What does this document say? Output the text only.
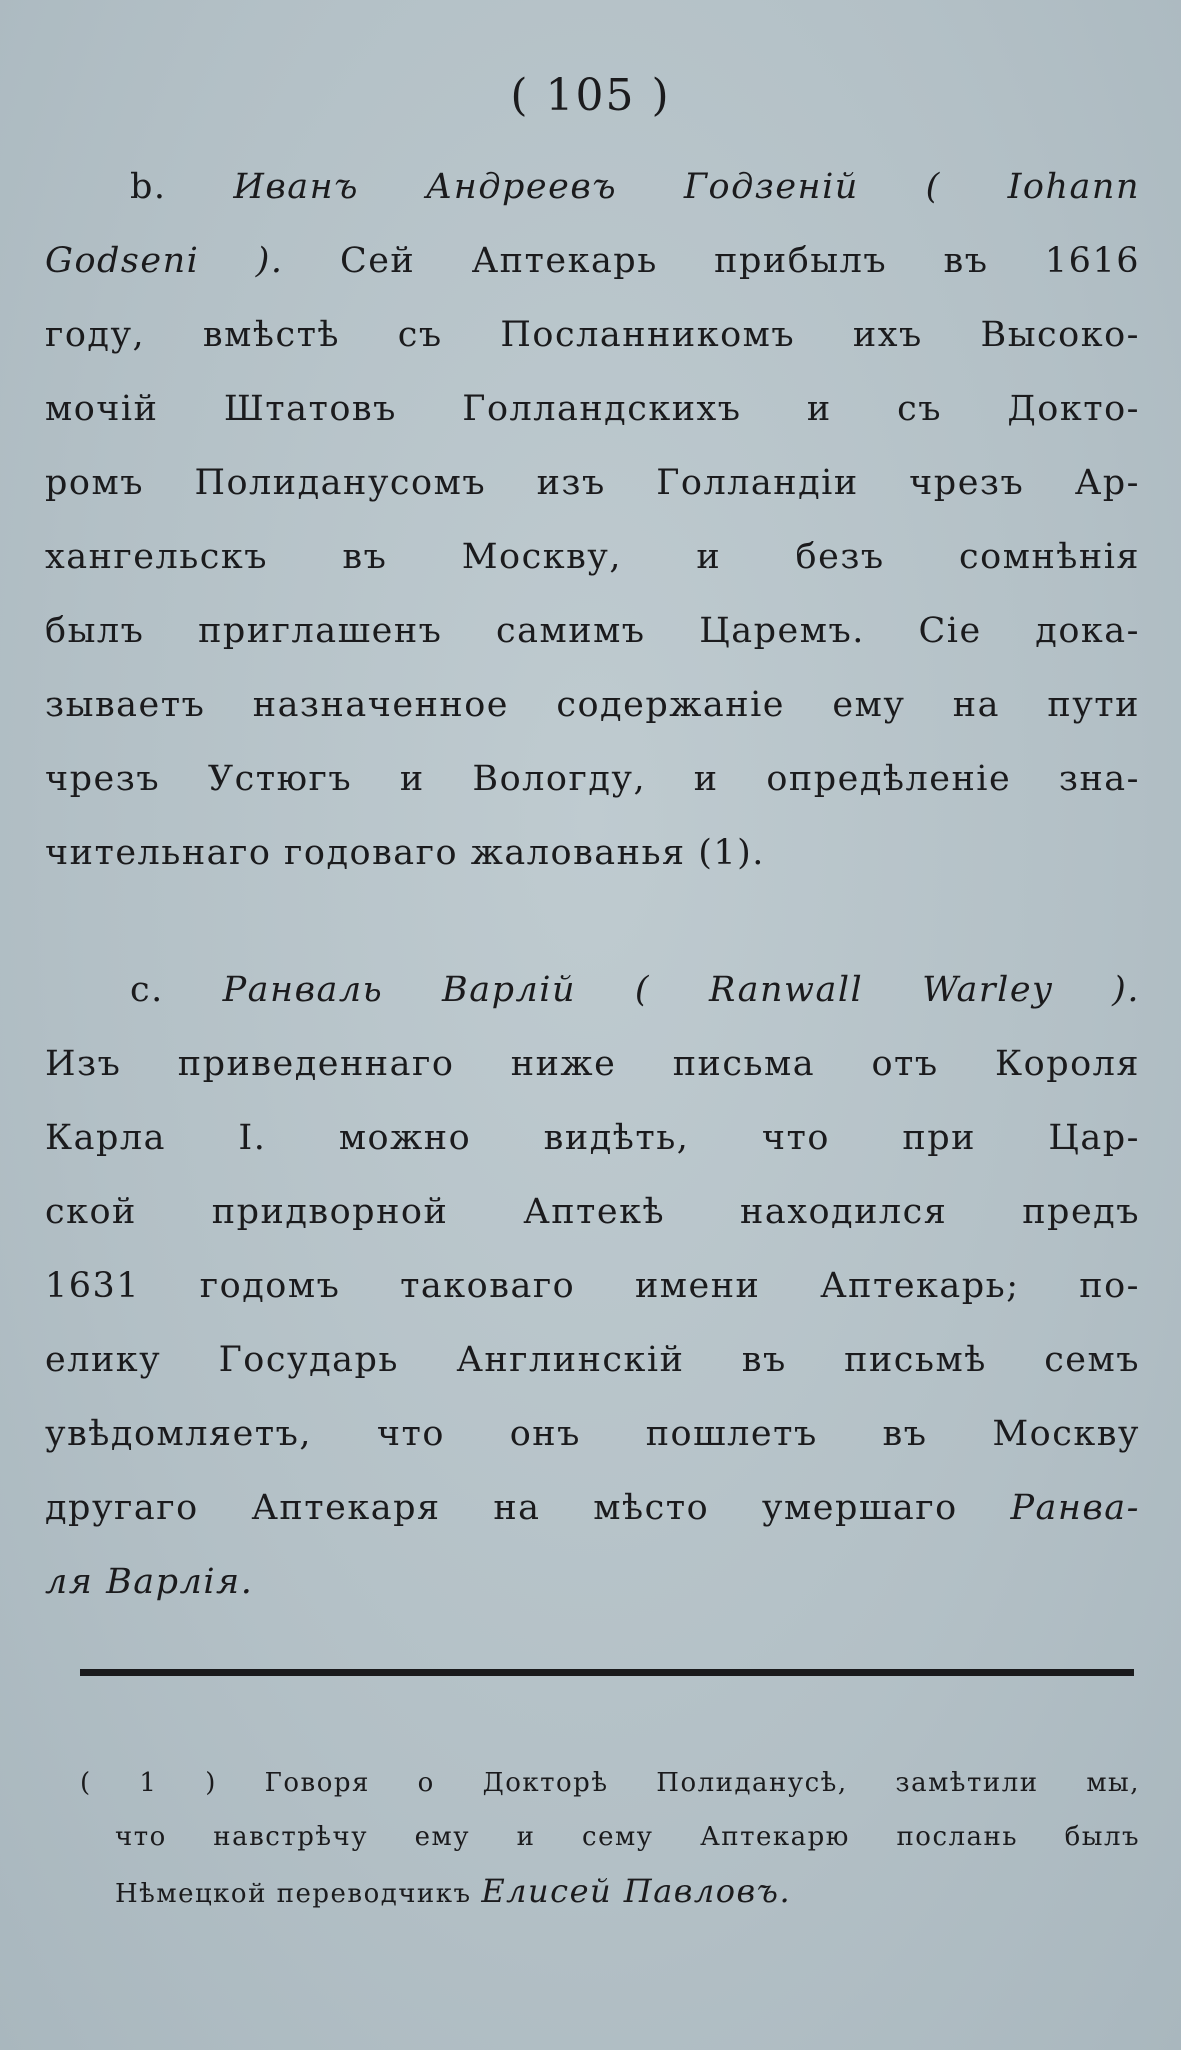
( 105 )
b. Иванъ Андреевъ Годзеній ( Iohann
Godseni ). Сей Аптекарь прибылъ въ 1616
году, вмѣстѣ съ Посланникомъ ихъ Высоко-
мочій Штатовъ Голландскихъ и съ Докто-
ромъ Полиданусомъ изъ Голландіи чрезъ Ар-
хангельскъ въ Москву, и безъ сомнѣнія
былъ приглашенъ самимъ Царемъ. Сіе дока-
зываетъ назначенное содержаніе ему на пути
чрезъ Устюгъ и Вологду, и опредѣленіе зна-
чительнаго годоваго жалованья (1).
c. Ранваль Варлій ( Ranwall Warley ).
Изъ приведеннаго ниже письма отъ Короля
Карла I. можно видѣть, что при Цар-
ской придворной Аптекѣ находился предъ
1631 годомъ таковаго имени Аптекарь; по-
елику Государь Англинскій въ письмѣ семъ
увѣдомляетъ, что онъ пошлетъ въ Москву
другаго Аптекаря на мѣсто умершаго Ранва-
ля Варлія.
( 1 ) Говоря о Докторѣ Полиданусѣ, замѣтили мы,
что навстрѣчу ему и сему Аптекарю послань былъ
Нѣмецкой переводчикъ Елисей Павловъ.
